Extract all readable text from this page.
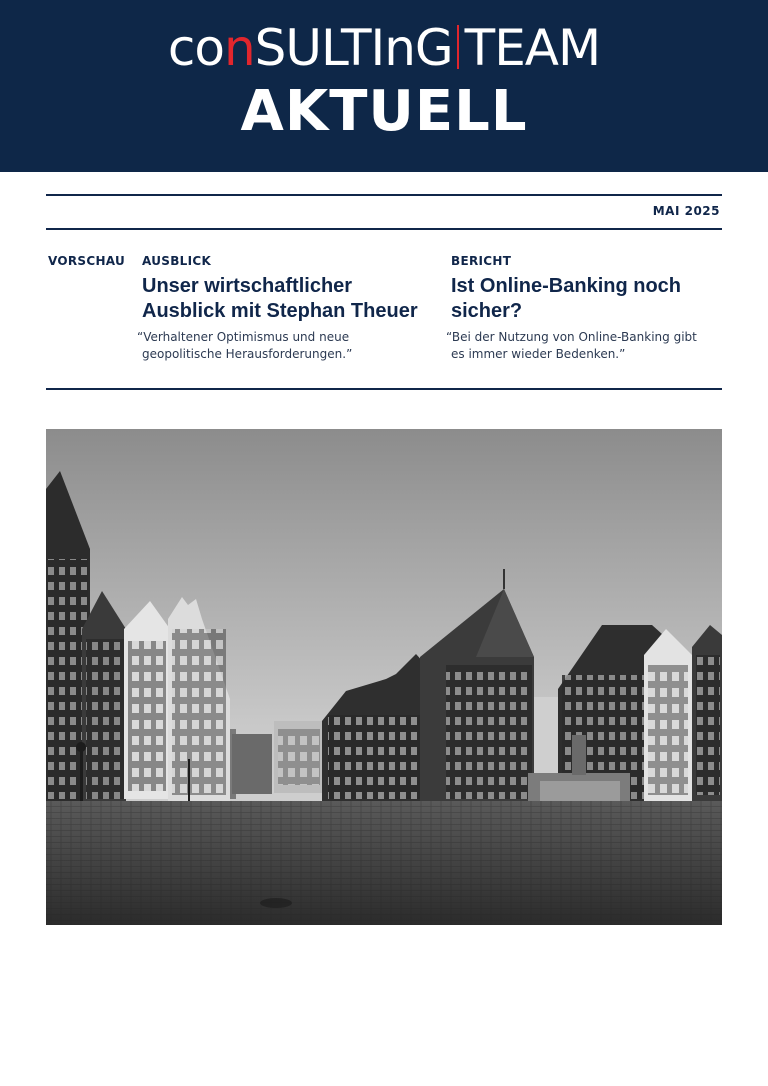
conSULTInG TEAM
AKTUELL
MAI 2025
VORSCHAU AUSBLICK
Unser wirtschaftlicher
Ausblick mit Stephan Theuer
“Verhaltener Optimismus und neue
geopolitische Herausforderungen.”
BERICHT
Ist Online-Banking noch
sicher?
“Bei der Nutzung von Online-Banking gibt
es immer wieder Bedenken.”
